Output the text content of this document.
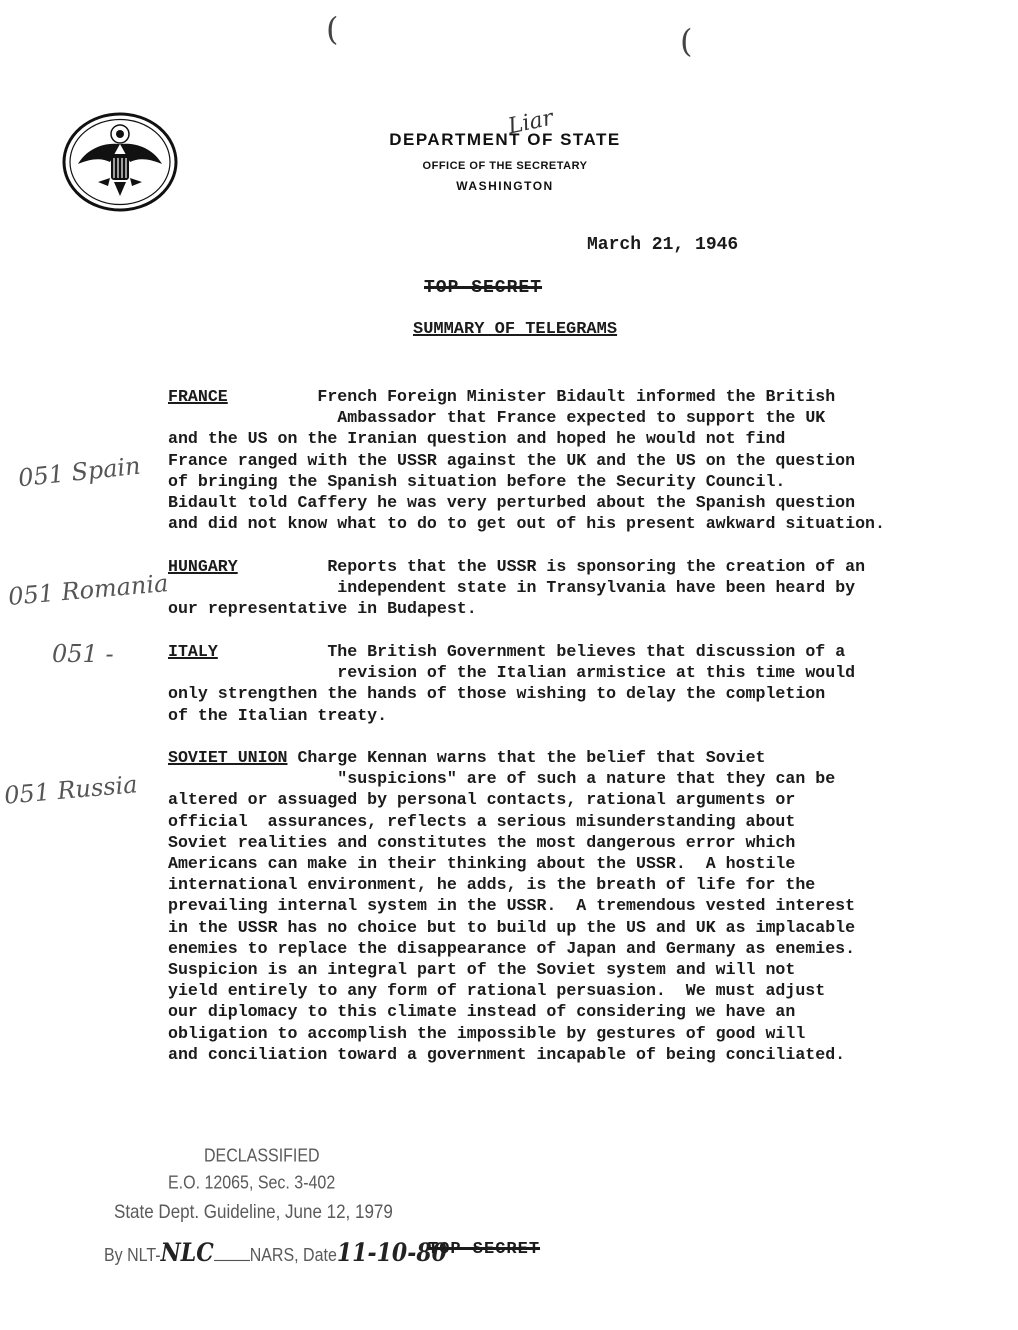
(	(
DEPARTMENT OF STATE
OFFICE OF THE SECRETARY
WASHINGTON
Liar
March 21, 1946
TOP SECRET
SUMMARY OF TELEGRAMS
FRANCE	French Foreign Minister Bidault informed the British
Ambassador that France expected to support the UK
and the US on the Iranian question and hoped he would not find
France ranged with the USSR against the UK and the US on the question
of bringing the Spanish situation before the Security Council.
Bidault told Caffery he was very perturbed about the Spanish question
and did not know what to do to get out of his present awkward situation.
051 Spain
HUNGARY	Reports that the USSR is sponsoring the creation of an
independent state in Transylvania have been heard by
our representative in Budapest.
051 Romania
ITALY	The British Government believes that discussion of a
revision of the Italian armistice at this time would
only strengthen the hands of those wishing to delay the completion
of the Italian treaty.
051 -
SOVIET UNION Charge Kennan warns that the belief that Soviet
"suspicions" are of such a nature that they can be
altered or assuaged by personal contacts, rational arguments or
official  assurances, reflects a serious misunderstanding about
Soviet realities and constitutes the most dangerous error which
Americans can make in their thinking about the USSR.  A hostile
international environment, he adds, is the breath of life for the
prevailing internal system in the USSR.  A tremendous vested interest
in the USSR has no choice but to build up the US and UK as implacable
enemies to replace the disappearance of Japan and Germany as enemies.
Suspicion is an integral part of the Soviet system and will not
yield entirely to any form of rational persuasion.  We must adjust
our diplomacy to this climate instead of considering we have an
obligation to accomplish the impossible by gestures of good will
and conciliation toward a government incapable of being conciliated.
051 Russia
DECLASSIFIED
E.O. 12065, Sec. 3-402
State Dept. Guideline, June 12, 1979
By NLT-NLC NARS, Date11-10-80
TOP SECRET
